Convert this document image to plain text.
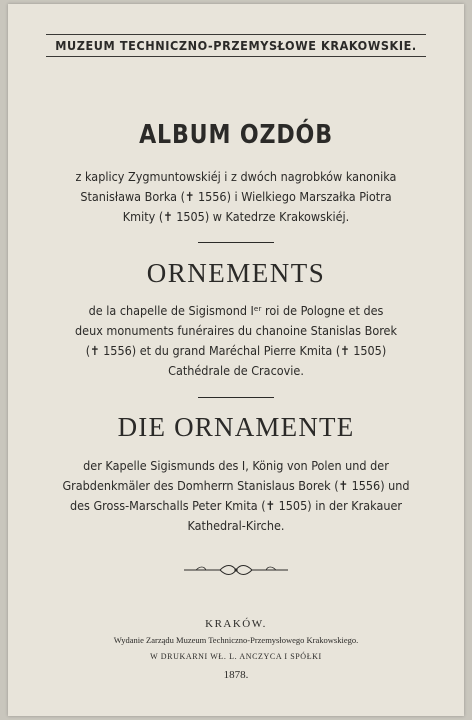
MUZEUM TECHNICZNO-PRZEMYSŁOWE KRAKOWSKIE.
ALBUM OZDÓB
z kaplicy Zygmuntowskiéj i z dwóch nagrobków kanonika
Stanisława Borka (✝ 1556) i Wielkiego Marszałka Piotra
Kmity (✝ 1505) w Katedrze Krakowskiéj.
ORNEMENTS
de la chapelle de Sigismond Iᵉʳ roi de Pologne et des
deux monuments funéraires du chanoine Stanislas Borek
(✝ 1556) et du grand Maréchal Pierre Kmita (✝ 1505)
Cathédrale de Cracovie.
DIE ORNAMENTE
der Kapelle Sigismunds des I, König von Polen und der
Grabdenkmäler des Domherrn Stanislaus Borek (✝ 1556) und
des Gross-Marschalls Peter Kmita (✝ 1505) in der Krakauer
Kathedral-Kirche.
KRAKÓW.
Wydanie Zarządu Muzeum Techniczno-Przemysłowego Krakowskiego.
W DRUKARNI WŁ. L. ANCZYCA I SPÓŁKI
1878.
